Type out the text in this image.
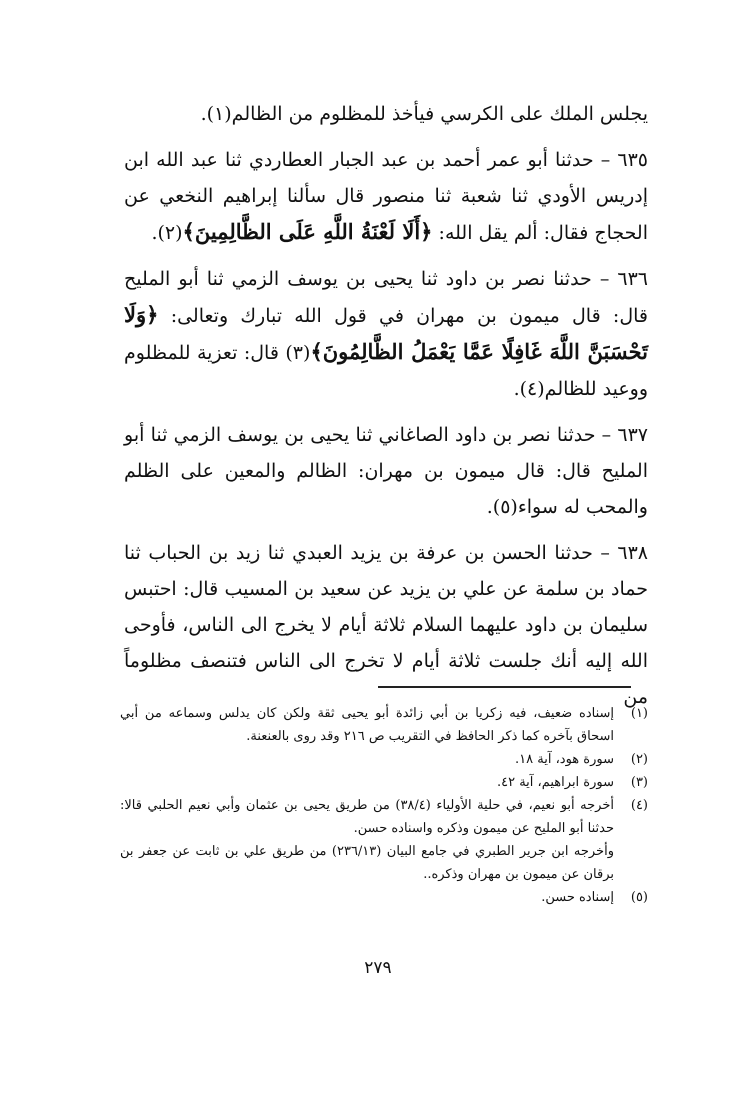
يجلس الملك على الكرسي فيأخذ للمظلوم من الظالم(١).

٦٣٥ – حدثنا أبو عمر أحمد بن عبد الجبار العطاردي ثنا عبد الله ابن إدريس الأودي ثنا شعبة ثنا منصور قال سألنا إبراهيم النخعي عن الحجاج فقال: ألم يقل الله: ﴿أَلَا لَعْنَةُ اللَّهِ عَلَى الظَّالِمِينَ﴾(٢).

٦٣٦ – حدثنا نصر بن داود ثنا يحيى بن يوسف الزمي ثنا أبو المليح قال: قال ميمون بن مهران في قول الله تبارك وتعالى: ﴿وَلَا تَحْسَبَنَّ اللَّهَ غَافِلًا عَمَّا يَعْمَلُ الظَّالِمُونَ﴾(٣) قال: تعزية للمظلوم ووعيد للظالم(٤).

٦٣٧ – حدثنا نصر بن داود الصاغاني ثنا يحيى بن يوسف الزمي ثنا أبو المليح قال: قال ميمون بن مهران: الظالم والمعين على الظلم والمحب له سواء(٥).

٦٣٨ – حدثنا الحسن بن عرفة بن يزيد العبدي ثنا زيد بن الحباب ثنا حماد بن سلمة عن علي بن يزيد عن سعيد بن المسيب قال: احتبس سليمان بن داود عليهما السلام ثلاثة أيام لا يخرج الى الناس، فأوحى الله إليه أنك جلست ثلاثة أيام لا تخرج الى الناس فتنصف مظلوماً من

(١)
إسناده ضعيف، فيه زكريا بن أبي زائدة أبو يحيى ثقة ولكن كان يدلس وسماعه من أبي اسحاق بآخره كما ذكر الحافظ في التقريب ص ٢١٦ وقد روى بالعنعنة.
(٢)
سورة هود، آية ١٨.
(٣)
سورة ابراهيم، آية ٤٢.
(٤)
أخرجه أبو نعيم، في حلية الأولياء (٣٨/٤) من طريق يحيى بن عثمان وأبي نعيم الحلبي قالا: حدثنا أبو المليح عن ميمون وذكره واسناده حسن.
وأخرجه ابن جرير الطبري في جامع البيان (٢٣٦/١٣) من طريق علي بن ثابت عن جعفر بن برقان عن ميمون بن مهران وذكره..
(٥)
إسناده حسن.
٢٧٩
